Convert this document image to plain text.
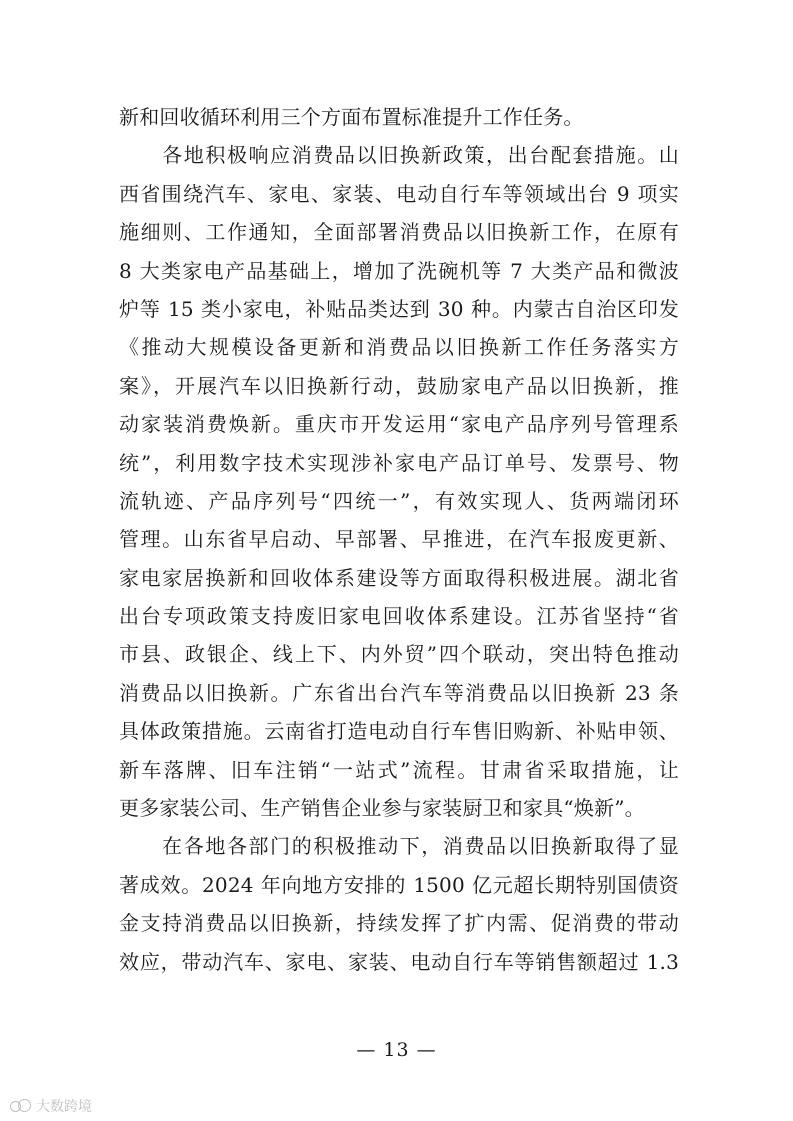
新和回收循环利用三个方面布置标准提升工作任务。
　　各地积极响应消费品以旧换新政策，出台配套措施。山
西省围绕汽车、家电、家装、电动自行车等领域出台 9 项实
施细则、工作通知，全面部署消费品以旧换新工作，在原有
8 大类家电产品基础上，增加了洗碗机等 7 大类产品和微波
炉等 15 类小家电，补贴品类达到 30 种。内蒙古自治区印发
《推动大规模设备更新和消费品以旧换新工作任务落实方
案》，开展汽车以旧换新行动，鼓励家电产品以旧换新，推
动家装消费焕新。重庆市开发运用“家电产品序列号管理系
统”，利用数字技术实现涉补家电产品订单号、发票号、物
流轨迹、产品序列号“四统一”，有效实现人、货两端闭环
管理。山东省早启动、早部署、早推进，在汽车报废更新、
家电家居换新和回收体系建设等方面取得积极进展。湖北省
出台专项政策支持废旧家电回收体系建设。江苏省坚持“省
市县、政银企、线上下、内外贸”四个联动，突出特色推动
消费品以旧换新。广东省出台汽车等消费品以旧换新 23 条
具体政策措施。云南省打造电动自行车售旧购新、补贴申领、
新车落牌、旧车注销“一站式”流程。甘肃省采取措施，让
更多家装公司、生产销售企业参与家装厨卫和家具“焕新”。
　　在各地各部门的积极推动下，消费品以旧换新取得了显
著成效。2024 年向地方安排的 1500 亿元超长期特别国债资
金支持消费品以旧换新，持续发挥了扩内需、促消费的带动
效应，带动汽车、家电、家装、电动自行车等销售额超过 1.3
— 13 —
大数跨境
